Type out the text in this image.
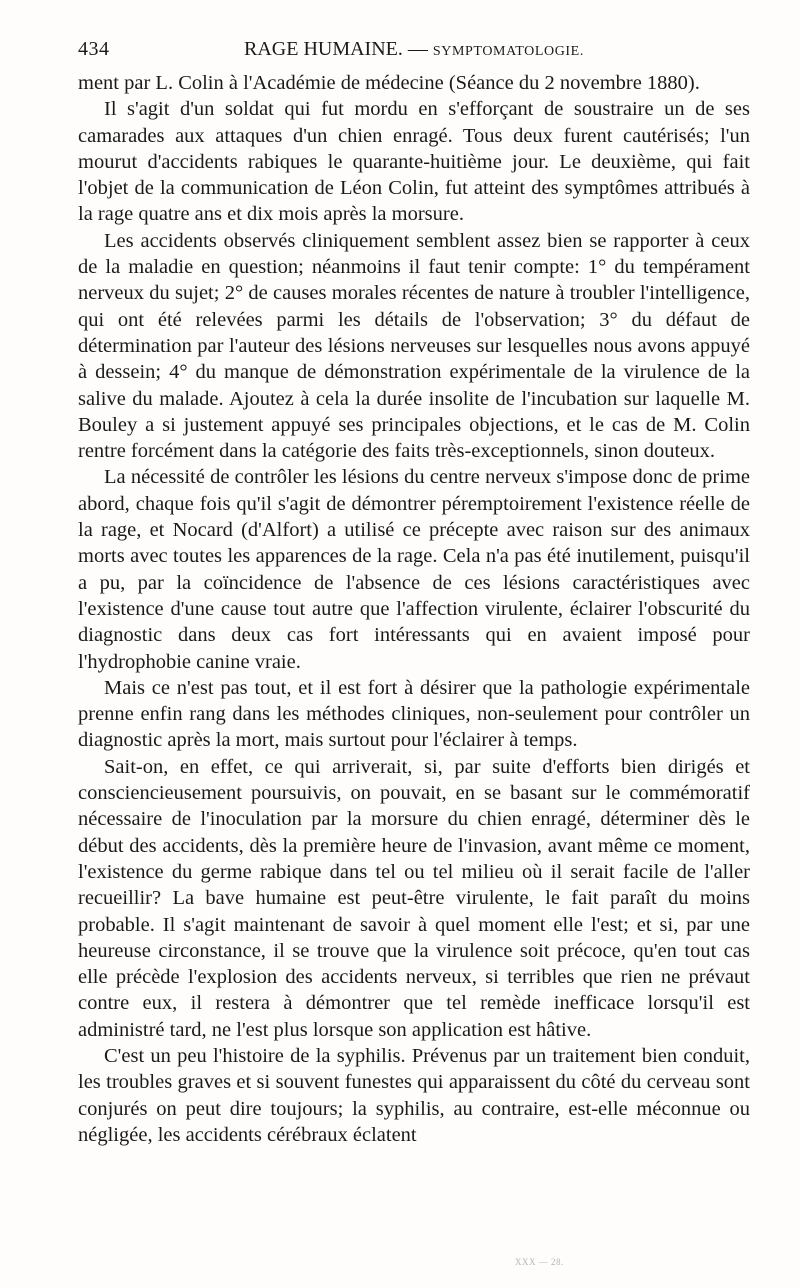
434	RAGE HUMAINE. — SYMPTOMATOLOGIE.

ment par L. Colin à l'Académie de médecine (Séance du 2 novembre 1880).

Il s'agit d'un soldat qui fut mordu en s'efforçant de soustraire un de ses camarades aux attaques d'un chien enragé. Tous deux furent cautérisés; l'un mourut d'accidents rabiques le quarante-huitième jour. Le deuxième, qui fait l'objet de la communication de Léon Colin, fut atteint des symptômes attribués à la rage quatre ans et dix mois après la morsure.

Les accidents observés cliniquement semblent assez bien se rapporter à ceux de la maladie en question; néanmoins il faut tenir compte: 1° du tempérament nerveux du sujet; 2° de causes morales récentes de nature à troubler l'intelligence, qui ont été relevées parmi les détails de l'observation; 3° du défaut de détermination par l'auteur des lésions nerveuses sur lesquelles nous avons appuyé à dessein; 4° du manque de démonstration expérimentale de la virulence de la salive du malade. Ajoutez à cela la durée insolite de l'incubation sur laquelle M. Bouley a si justement appuyé ses principales objections, et le cas de M. Colin rentre forcément dans la catégorie des faits très-exceptionnels, sinon douteux.

La nécessité de contrôler les lésions du centre nerveux s'impose donc de prime abord, chaque fois qu'il s'agit de démontrer péremptoirement l'existence réelle de la rage, et Nocard (d'Alfort) a utilisé ce précepte avec raison sur des animaux morts avec toutes les apparences de la rage. Cela n'a pas été inutilement, puisqu'il a pu, par la coïncidence de l'absence de ces lésions caractéristiques avec l'existence d'une cause tout autre que l'affection virulente, éclairer l'obscurité du diagnostic dans deux cas fort intéressants qui en avaient imposé pour l'hydrophobie canine vraie.

Mais ce n'est pas tout, et il est fort à désirer que la pathologie expérimentale prenne enfin rang dans les méthodes cliniques, non-seulement pour contrôler un diagnostic après la mort, mais surtout pour l'éclairer à temps.

Sait-on, en effet, ce qui arriverait, si, par suite d'efforts bien dirigés et consciencieusement poursuivis, on pouvait, en se basant sur le commémoratif nécessaire de l'inoculation par la morsure du chien enragé, déterminer dès le début des accidents, dès la première heure de l'invasion, avant même ce moment, l'existence du germe rabique dans tel ou tel milieu où il serait facile de l'aller recueillir? La bave humaine est peut-être virulente, le fait paraît du moins probable. Il s'agit maintenant de savoir à quel moment elle l'est; et si, par une heureuse circonstance, il se trouve que la virulence soit précoce, qu'en tout cas elle précède l'explosion des accidents nerveux, si terribles que rien ne prévaut contre eux, il restera à démontrer que tel remède inefficace lorsqu'il est administré tard, ne l'est plus lorsque son application est hâtive.

C'est un peu l'histoire de la syphilis. Prévenus par un traitement bien conduit, les troubles graves et si souvent funestes qui apparaissent du côté du cerveau sont conjurés on peut dire toujours; la syphilis, au contraire, est-elle méconnue ou négligée, les accidents cérébraux éclatent

XXX — 28.
